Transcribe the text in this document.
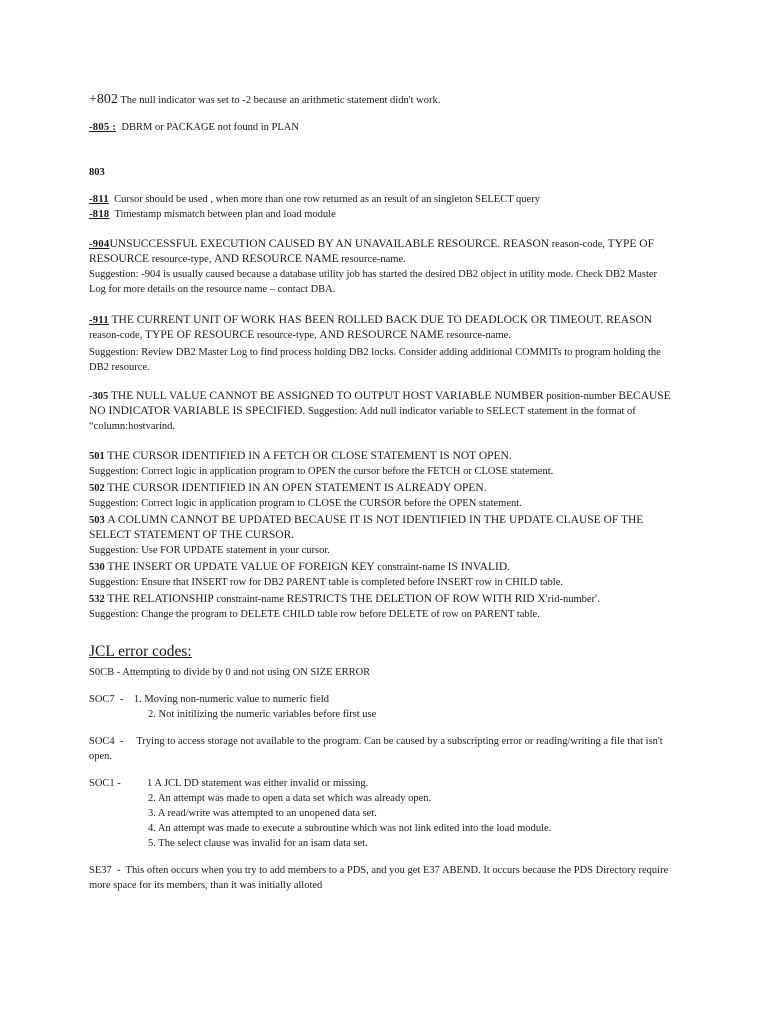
+802 The null indicator was set to -2 because an arithmetic statement didn't work.

-805 : DBRM or PACKAGE not found in PLAN

803

-811 Cursor should be used , when more than one row returned as an result of an singleton SELECT query

-818 Timestamp mismatch between plan and load module

-904UNSUCCESSFUL EXECUTION CAUSED BY AN UNAVAILABLE RESOURCE. REASON reason-code, TYPE OF RESOURCE resource-type, AND RESOURCE NAME resource-name.

Suggestion: -904 is usually caused because a database utility job has started the desired DB2 object in utility mode. Check DB2 Master Log for more details on the resource name – contact DBA.

-911 THE CURRENT UNIT OF WORK HAS BEEN ROLLED BACK DUE TO DEADLOCK OR TIMEOUT. REASON reason-code, TYPE OF RESOURCE resource-type, AND RESOURCE NAME resource-name.

Suggestion: Review DB2 Master Log to find process holding DB2 locks. Consider adding additional COMMITs to program holding the DB2 resource.

-305 THE NULL VALUE CANNOT BE ASSIGNED TO OUTPUT HOST VARIABLE NUMBER position-number BECAUSE NO INDICATOR VARIABLE IS SPECIFIED. Suggestion: Add null indicator variable to SELECT statement in the format of “column:hostvarind.

501 THE CURSOR IDENTIFIED IN A FETCH OR CLOSE STATEMENT IS NOT OPEN.

Suggestion: Correct logic in application program to OPEN the cursor before the FETCH or CLOSE statement.

502 THE CURSOR IDENTIFIED IN AN OPEN STATEMENT IS ALREADY OPEN.

Suggestion: Correct logic in application program to CLOSE the CURSOR before the OPEN statement.

503 A COLUMN CANNOT BE UPDATED BECAUSE IT IS NOT IDENTIFIED IN THE UPDATE CLAUSE OF THE SELECT STATEMENT OF THE CURSOR.

Suggestion: Use FOR UPDATE statement in your cursor.

530 THE INSERT OR UPDATE VALUE OF FOREIGN KEY constraint-name IS INVALID.

Suggestion: Ensure that INSERT row for DB2 PARENT table is completed before INSERT row in CHILD table.

532 THE RELATIONSHIP constraint-name RESTRICTS THE DELETION OF ROW WITH RID X'rid-number'.

Suggestion: Change the program to DELETE CHILD table row before DELETE of row on PARENT table.

JCL error codes:

S0CB - Attempting to divide by 0 and not using ON SIZE ERROR

SOC7  -    1. Moving non-numeric value to numeric field

2. Not initilizing the numeric variables before first use

SOC4  -     Trying to access storage not available to the program. Can be caused by a subscripting error or reading/writing a file that isn't open.

SOC1 -          1 A JCL DD statement was either invalid or missing.

2. An attempt was made to open a data set which was already open.

3. A read/write was attempted to an unopened data set.

4. An attempt was made to execute a subroutine which was not link edited into the load module.

5. The select clause was invalid for an isam data set.

SE37  -  This often occurs when you try to add members to a PDS, and you get E37 ABEND. It occurs because the PDS Directory require more space for its members, than it was initially alloted
